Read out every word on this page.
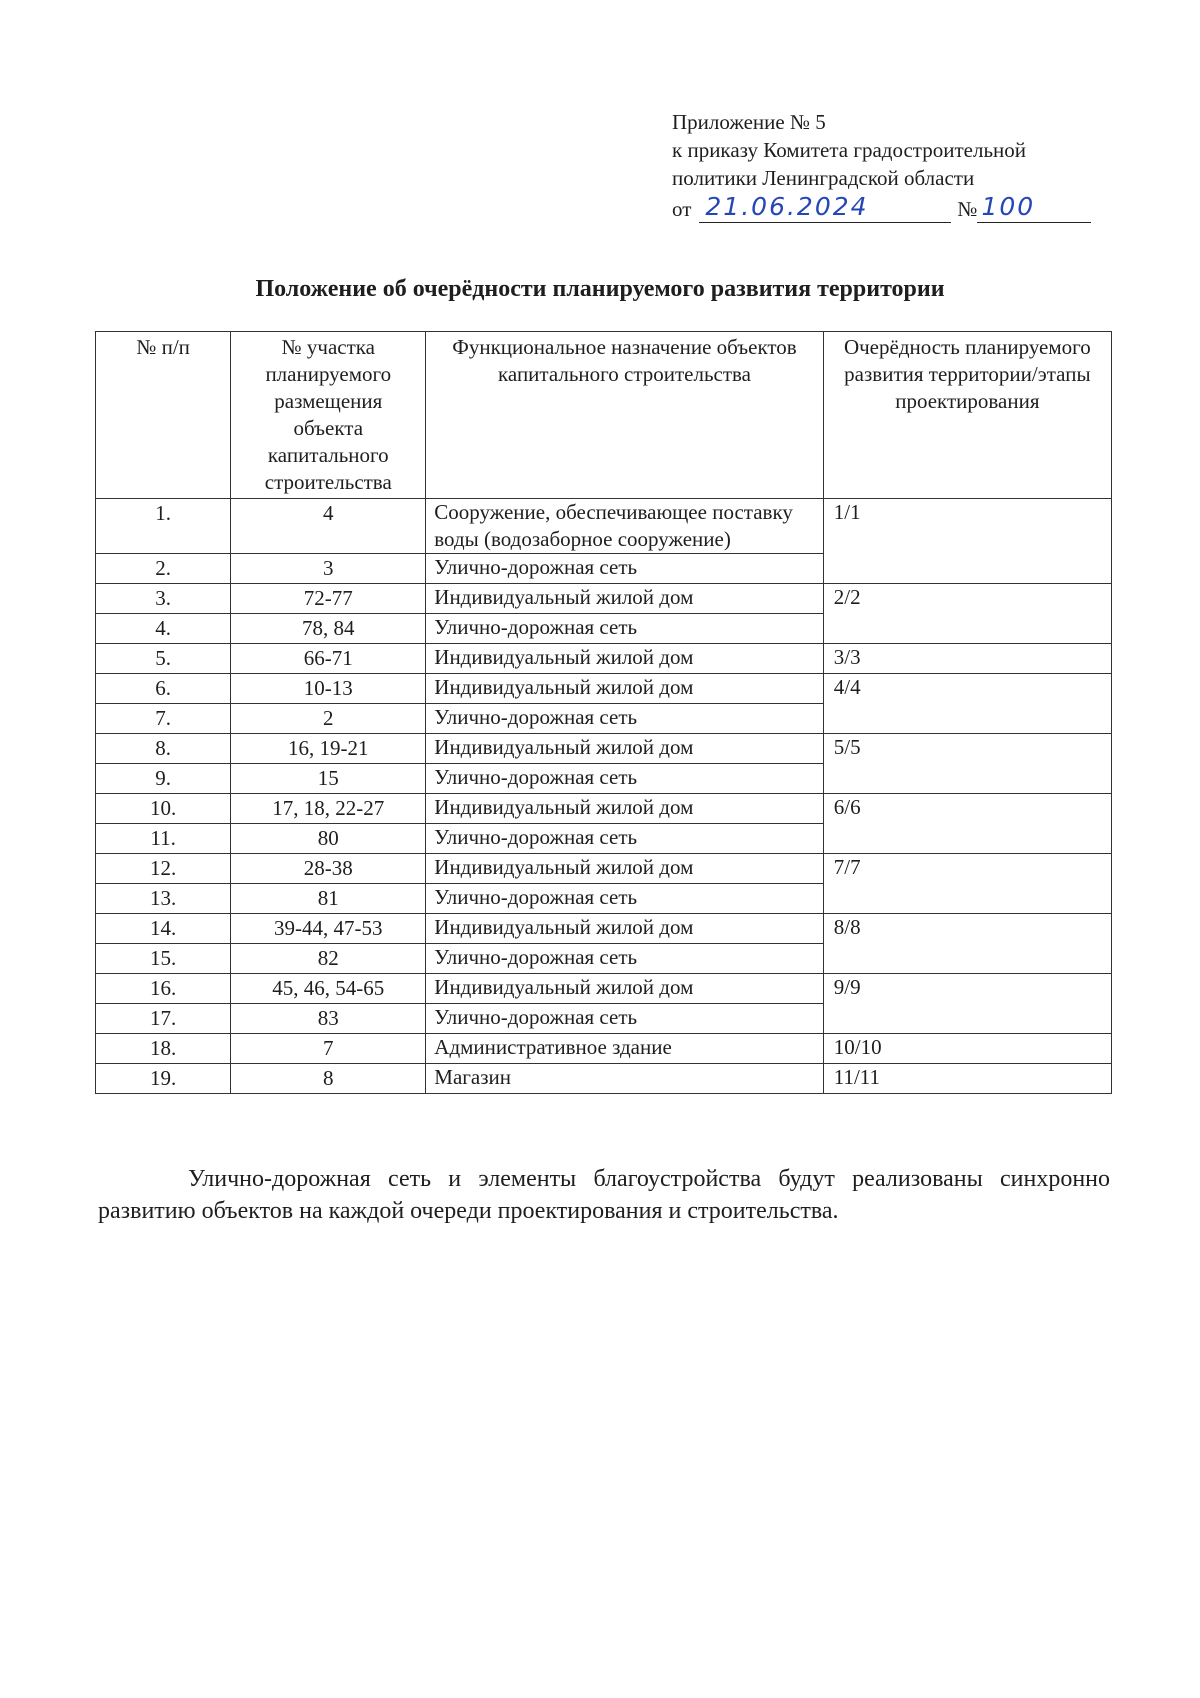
Приложение № 5
к приказу Комитета градостроительной
политики Ленинградской области
от 21.06.2024	№ 100
Положение об очерёдности планируемого развития территории
№ п/п	№ участка планируемого размещения объекта капитального строительства	Функциональное назначение объектов капитального строительства	Очерёдность планируемого развития территории/этапы проектирования
1.	4	Сооружение, обеспечивающее поставку воды (водозаборное сооружение)	1/1
2.	3	Улично-дорожная сеть	
3.	72-77	Индивидуальный жилой дом	2/2
4.	78, 84	Улично-дорожная сеть	
5.	66-71	Индивидуальный жилой дом	3/3
6.	10-13	Индивидуальный жилой дом	4/4
7.	2	Улично-дорожная сеть	
8.	16, 19-21	Индивидуальный жилой дом	5/5
9.	15	Улично-дорожная сеть	
10.	17, 18, 22-27	Индивидуальный жилой дом	6/6
11.	80	Улично-дорожная сеть	
12.	28-38	Индивидуальный жилой дом	7/7
13.	81	Улично-дорожная сеть	
14.	39-44, 47-53	Индивидуальный жилой дом	8/8
15.	82	Улично-дорожная сеть	
16.	45, 46, 54-65	Индивидуальный жилой дом	9/9
17.	83	Улично-дорожная сеть	
18.	7	Административное здание	10/10
19.	8	Магазин	11/11
Улично-дорожная сеть и элементы благоустройства будут реализованы синхронно развитию объектов на каждой очереди проектирования и строительства.
